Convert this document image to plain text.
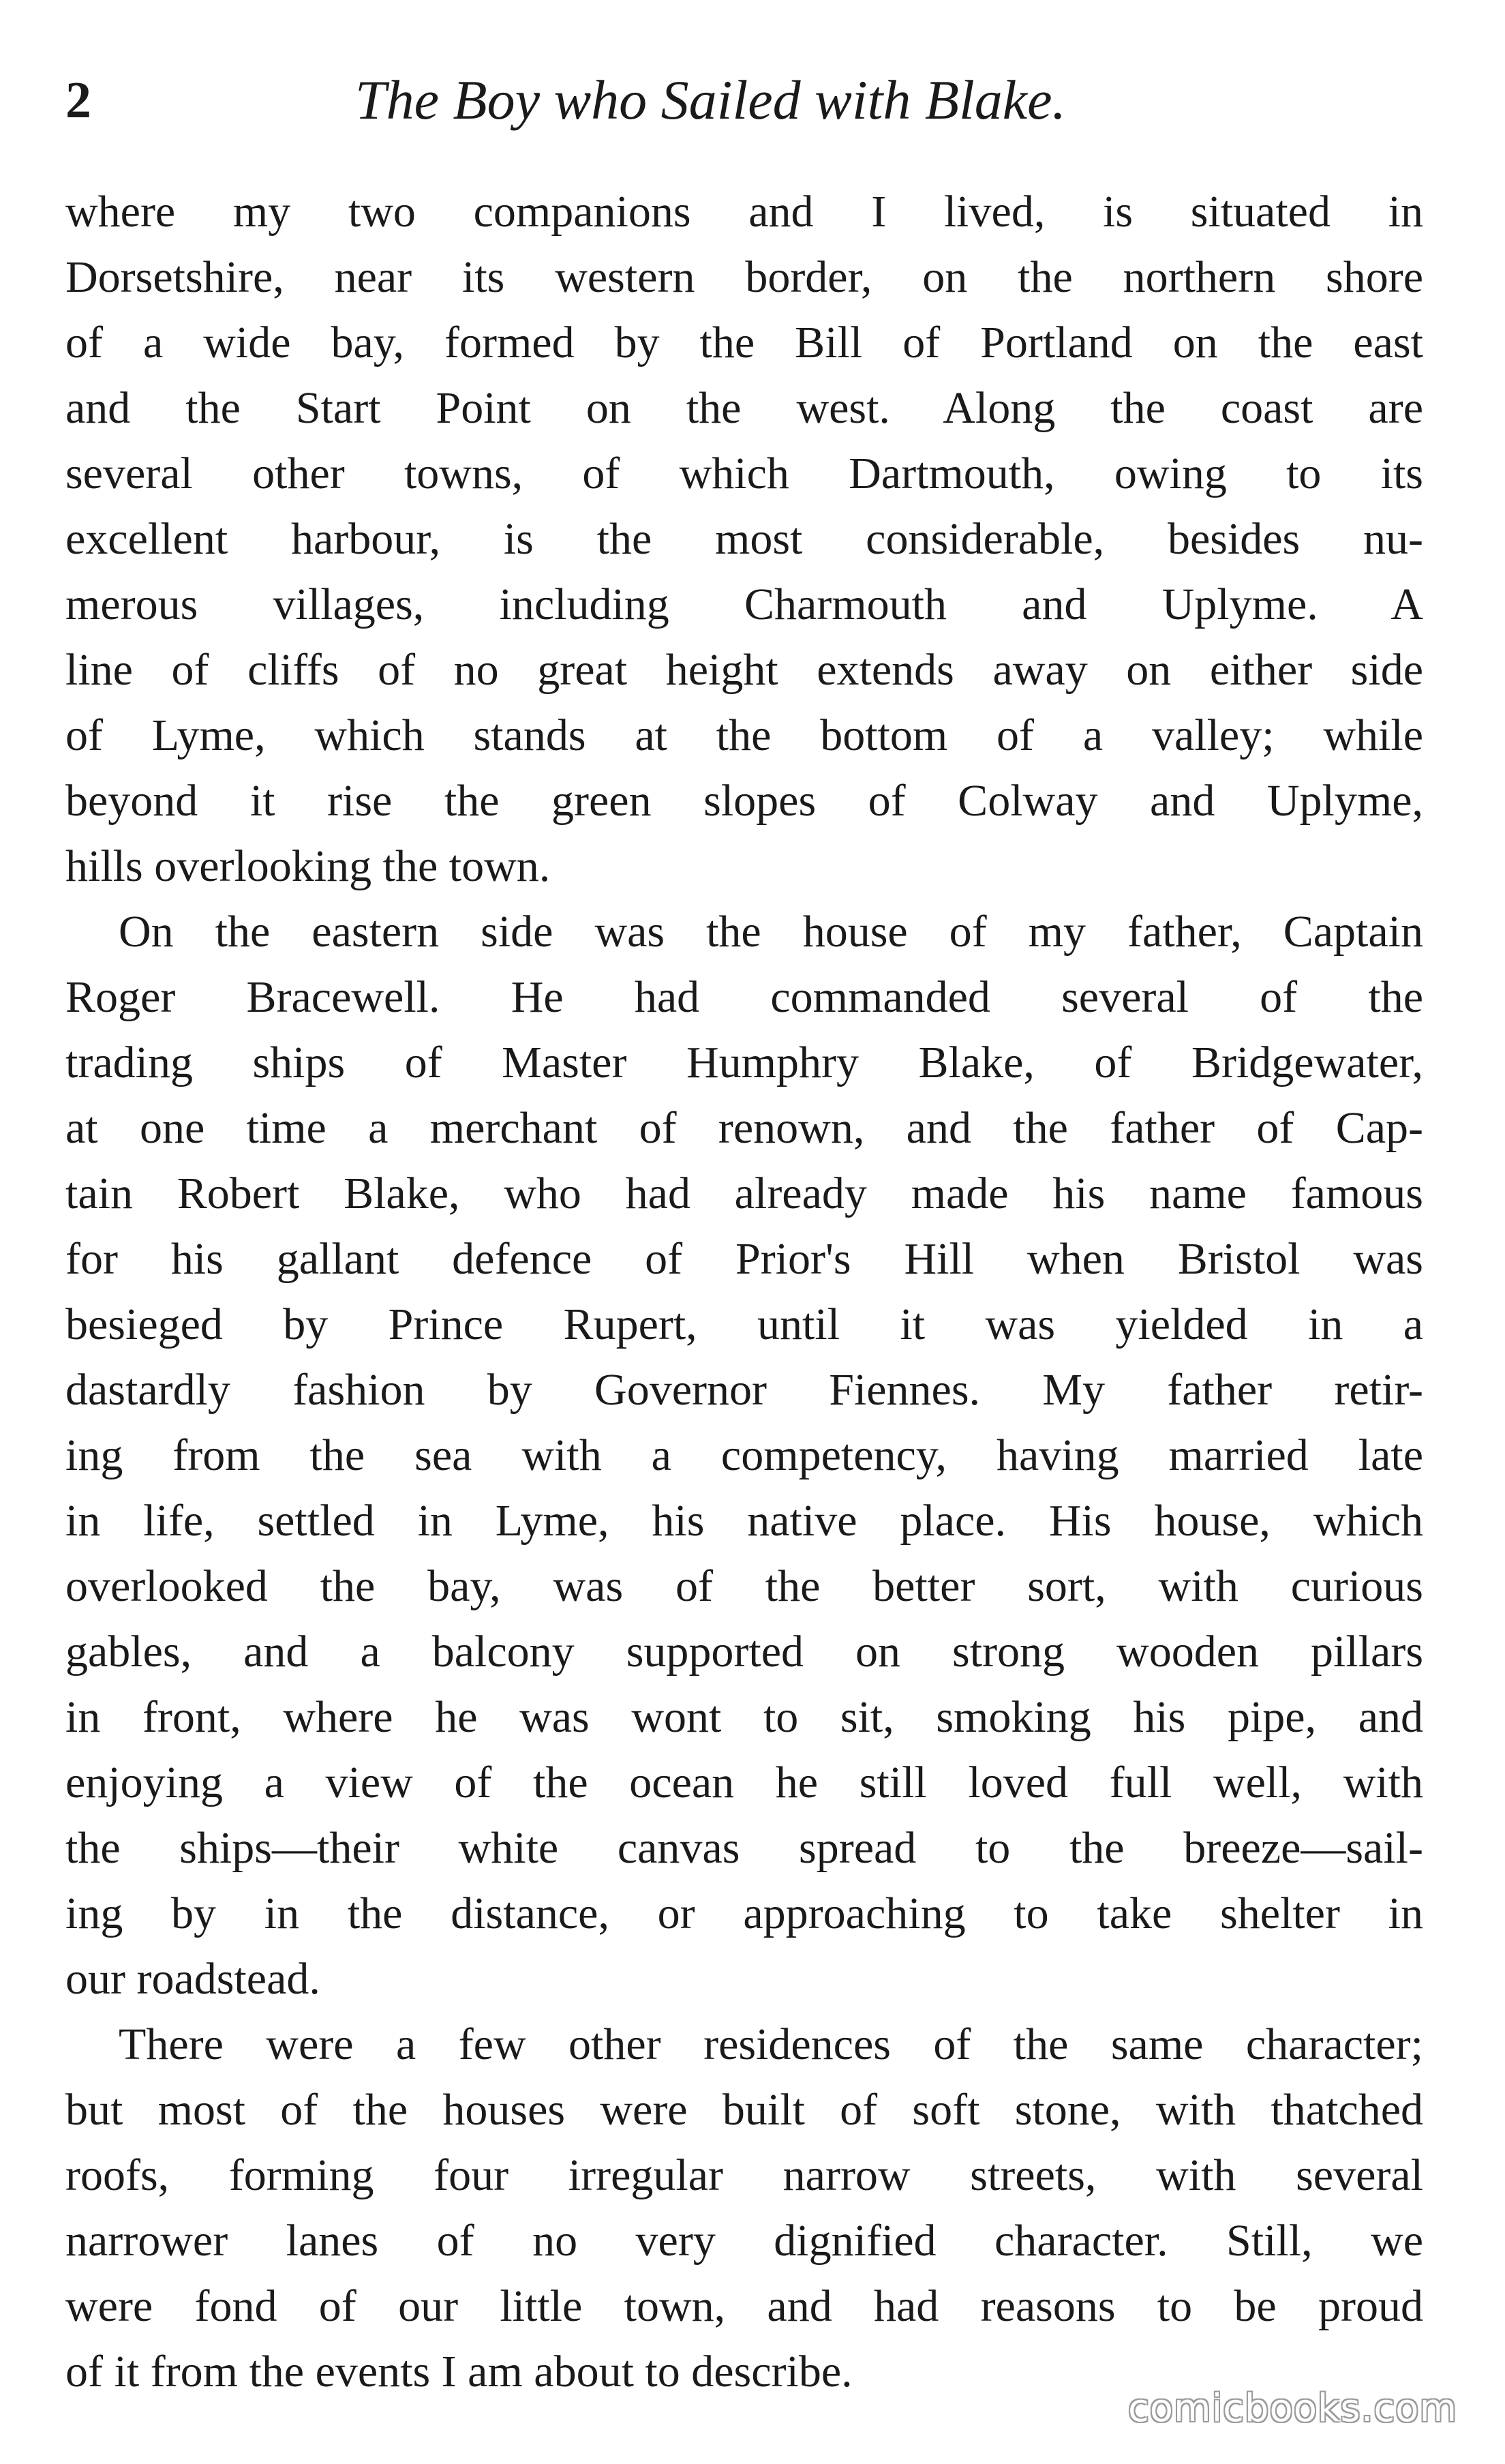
2	The Boy who Sailed with Blake.
where my two companions and I lived, is situated in
Dorsetshire, near its western border, on the northern shore
of a wide bay, formed by the Bill of Portland on the east
and the Start Point on the west. Along the coast are
several other towns, of which Dartmouth, owing to its
excellent harbour, is the most considerable, besides nu-
merous villages, including Charmouth and Uplyme. A
line of cliffs of no great height extends away on either side
of Lyme, which stands at the bottom of a valley; while
beyond it rise the green slopes of Colway and Uplyme,
hills overlooking the town.
On the eastern side was the house of my father, Captain
Roger Bracewell. He had commanded several of the
trading ships of Master Humphry Blake, of Bridgewater,
at one time a merchant of renown, and the father of Cap-
tain Robert Blake, who had already made his name famous
for his gallant defence of Prior's Hill when Bristol was
besieged by Prince Rupert, until it was yielded in a
dastardly fashion by Governor Fiennes. My father retir-
ing from the sea with a competency, having married late
in life, settled in Lyme, his native place. His house, which
overlooked the bay, was of the better sort, with curious
gables, and a balcony supported on strong wooden pillars
in front, where he was wont to sit, smoking his pipe, and
enjoying a view of the ocean he still loved full well, with
the ships—their white canvas spread to the breeze—sail-
ing by in the distance, or approaching to take shelter in
our roadstead.
There were a few other residences of the same character;
but most of the houses were built of soft stone, with thatched
roofs, forming four irregular narrow streets, with several
narrower lanes of no very dignified character. Still, we
were fond of our little town, and had reasons to be proud
of it from the events I am about to describe.
comicbooks.com
